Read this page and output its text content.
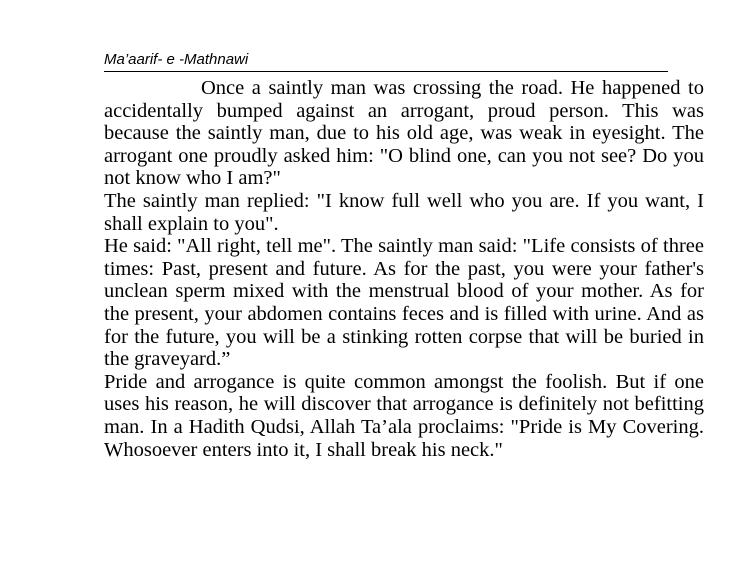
Ma’aarif- e -Mathnawi

Once a saintly man was crossing the road. He happened to accidentally bumped against an arrogant, proud person. This was because the saintly man, due to his old age, was weak in eyesight. The arrogant one proudly asked him: "O blind one, can you not see? Do you not know who I am?"

The saintly man replied: "I know full well who you are. If you want, I shall explain to you".

He said: "All right, tell me". The saintly man said: "Life consists of three times: Past, present and future. As for the past, you were your father's unclean sperm mixed with the menstrual blood of your mother. As for the present, your abdomen contains feces and is filled with urine. And as for the future, you will be a stinking rotten corpse that will be buried in the graveyard.”

Pride and arrogance is quite common amongst the foolish. But if one uses his reason, he will discover that arrogance is definitely not befitting man. In a Hadith Qudsi, Allah Ta’ala proclaims: "Pride is My Covering. Whosoever enters into it, I shall break his neck."
